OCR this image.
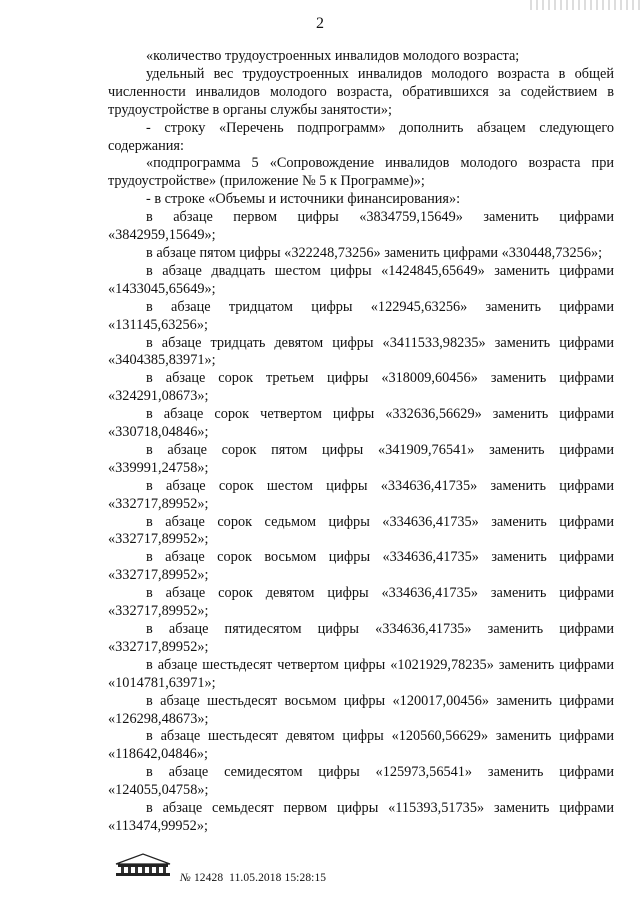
2

«количество трудоустроенных инвалидов молодого возраста;

удельный вес трудоустроенных инвалидов молодого возраста в общей численности инвалидов молодого возраста, обратившихся за содействием в трудоустройстве в органы службы занятости»;

- строку «Перечень подпрограмм» дополнить абзацем следующего содержания:

«подпрограмма 5 «Сопровождение инвалидов молодого возраста при трудоустройстве» (приложение № 5 к Программе)»;

- в строке «Объемы и источники финансирования»:

в абзаце первом цифры «3834759,15649» заменить цифрами «3842959,15649»;

в абзаце пятом цифры «322248,73256» заменить цифрами «330448,73256»;

в абзаце двадцать шестом цифры «1424845,65649» заменить цифрами «1433045,65649»;

в абзаце тридцатом цифры «122945,63256» заменить цифрами «131145,63256»;

в абзаце тридцать девятом цифры «3411533,98235» заменить цифрами «3404385,83971»;

в абзаце сорок третьем цифры «318009,60456» заменить цифрами «324291,08673»;

в абзаце сорок четвертом цифры «332636,56629» заменить цифрами «330718,04846»;

в абзаце сорок пятом цифры «341909,76541» заменить цифрами «339991,24758»;

в абзаце сорок шестом цифры «334636,41735» заменить цифрами «332717,89952»;

в абзаце сорок седьмом цифры «334636,41735» заменить цифрами «332717,89952»;

в абзаце сорок восьмом цифры «334636,41735» заменить цифрами «332717,89952»;

в абзаце сорок девятом цифры «334636,41735» заменить цифрами «332717,89952»;

в абзаце пятидесятом цифры «334636,41735» заменить цифрами «332717,89952»;

в абзаце шестьдесят четвертом цифры «1021929,78235» заменить цифрами «1014781,63971»;

в абзаце шестьдесят восьмом цифры «120017,00456» заменить цифрами «126298,48673»;

в абзаце шестьдесят девятом цифры «120560,56629» заменить цифрами «118642,04846»;

в абзаце семидесятом цифры «125973,56541» заменить цифрами «124055,04758»;

в абзаце семьдесят первом цифры «115393,51735» заменить цифрами «113474,99952»;

№ 12428 11.05.2018 15:28:15
